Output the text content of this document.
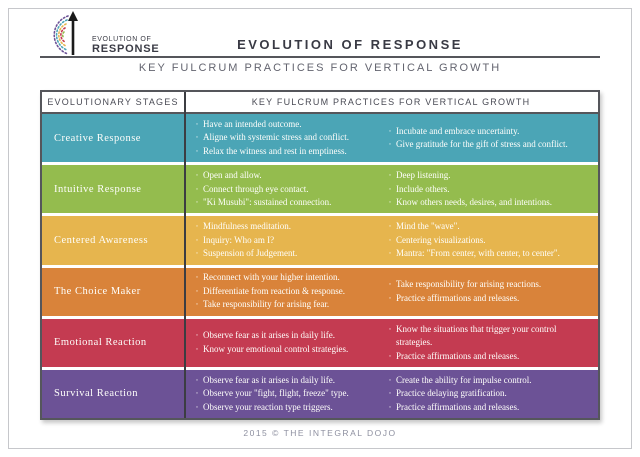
EVOLUTION OF
RESPONSE	EVOLUTION OF RESPONSE
KEY FULCRUM PRACTICES FOR VERTICAL GROWTH
EVOLUTIONARY STAGES	KEY FULCRUM PRACTICES FOR VERTICAL GROWTH
Creative Response
· Have an intended outcome.
· Aligne with systemic stress and conflict.
· Relax the witness and rest in emptiness.
· Incubate and embrace uncertainty.
· Give gratitude for the gift of stress and conflict.
Intuitive Response
· Open and allow.
· Connect through eye contact.
· "Ki Musubi": sustained connection.
· Deep listening.
· Include others.
· Know others needs, desires, and intentions.
Centered Awareness
· Mindfulness meditation.
· Inquiry: Who am I?
· Suspension of Judgement.
· Mind the "wave".
· Centering visualizations.
· Mantra: "From center, with center, to center".
The Choice Maker
· Reconnect with your higher intention.
· Differentiate from reaction & response.
· Take responsibility for arising fear.
· Take responsibility for arising reactions.
· Practice affirmations and releases.
Emotional Reaction
· Observe fear as it arises in daily life.
· Know your emotional control strategies.
· Know the situations that trigger your control strategies.
· Practice affirmations and releases.
Survival Reaction
· Observe fear as it arises in daily life.
· Observe your "fight, flight, freeze" type.
· Observe your reaction type triggers.
· Create the ability for impulse control.
· Practice delaying gratification.
· Practice affirmations and releases.
2015 © THE INTEGRAL DOJO
